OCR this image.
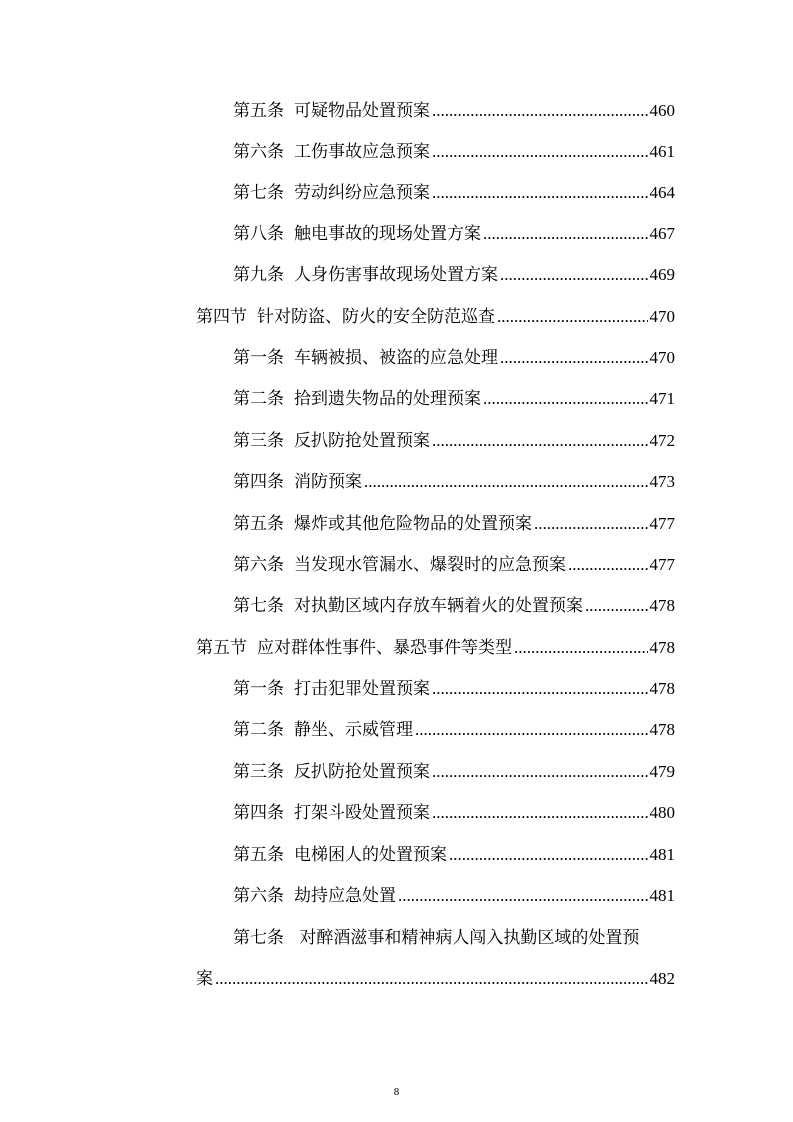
第五条 可疑物品处置预案 .....	460
第六条 工伤事故应急预案 .....	461
第七条 劳动纠纷应急预案 .....	464
第八条 触电事故的现场处置方案 .....	467
第九条 人身伤害事故现场处置方案 .....	469
第四节 针对防盗、防火的安全防范巡查 .....	470
第一条 车辆被损、被盗的应急处理 .....	470
第二条 拾到遗失物品的处理预案 .....	471
第三条 反扒防抢处置预案 .....	472
第四条 消防预案 .....	473
第五条 爆炸或其他危险物品的处置预案 .....	477
第六条 当发现水管漏水、爆裂时的应急预案 .....	477
第七条 对执勤区域内存放车辆着火的处置预案 .....	478
第五节 应对群体性事件、暴恐事件等类型 .....	478
第一条 打击犯罪处置预案 .....	478
第二条 静坐、示威管理 .....	478
第三条 反扒防抢处置预案 .....	479
第四条 打架斗殴处置预案 .....	480
第五条 电梯困人的处置预案 .....	481
第六条 劫持应急处置 .....	481
第七条 对醉酒滋事和精神病人闯入执勤区域的处置预
案 .....	482
8
